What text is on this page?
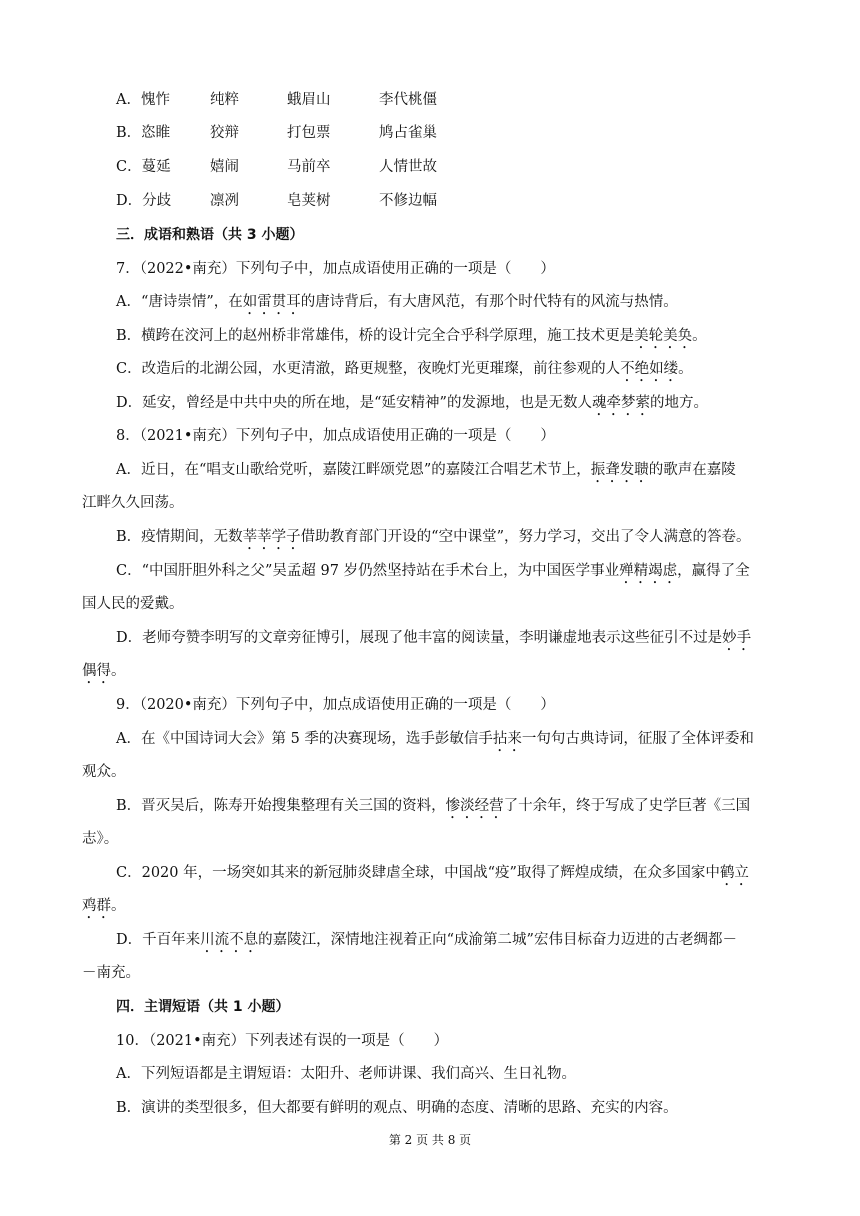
A．愧怍	纯粹	蛾眉山	李代桃僵
B．恣睢	狡辩	打包票	鸠占雀巢
C．蔓延	嬉闹	马前卒	人情世故
D．分歧	凛冽	皂荚树	不修边幅
三．成语和熟语（共 3 小题）
7．（2022•南充）下列句子中，加点成语使用正确的一项是（　　）
A．“唐诗崇情”，在如雷贯耳的唐诗背后，有大唐风范，有那个时代特有的风流与热情。
B．横跨在洨河上的赵州桥非常雄伟，桥的设计完全合乎科学原理，施工技术更是美轮美奂。
C．改造后的北湖公园，水更清澈，路更规整，夜晚灯光更璀璨，前往参观的人不绝如缕。
D．延安，曾经是中共中央的所在地，是“延安精神”的发源地，也是无数人魂牵梦萦的地方。
8．（2021•南充）下列句子中，加点成语使用正确的一项是（　　）
A．近日，在“唱支山歌给党听，嘉陵江畔颂党恩”的嘉陵江合唱艺术节上，振聋发聩的歌声在嘉陵
江畔久久回荡。
B．疫情期间，无数莘莘学子借助教育部门开设的“空中课堂”，努力学习，交出了令人满意的答卷。
C．“中国肝胆外科之父”吴孟超 97 岁仍然坚持站在手术台上，为中国医学事业殚精竭虑，赢得了全
国人民的爱戴。
D．老师夸赞李明写的文章旁征博引，展现了他丰富的阅读量，李明谦虚地表示这些征引不过是妙手
偶得。
9．（2020•南充）下列句子中，加点成语使用正确的一项是（　　）
A．在《中国诗词大会》第 5 季的决赛现场，选手彭敏信手拈来一句句古典诗词，征服了全体评委和
观众。
B．晋灭吴后，陈寿开始搜集整理有关三国的资料，惨淡经营了十余年，终于写成了史学巨著《三国
志》。
C．2020 年，一场突如其来的新冠肺炎肆虐全球，中国战“疫”取得了辉煌成绩，在众多国家中鹤立
鸡群。
D．千百年来川流不息的嘉陵江，深情地注视着正向“成渝第二城”宏伟目标奋力迈进的古老绸都－
－南充。
四．主谓短语（共 1 小题）
10．（2021•南充）下列表述有误的一项是（　　）
A．下列短语都是主谓短语：太阳升、老师讲课、我们高兴、生日礼物。
B．演讲的类型很多，但大都要有鲜明的观点、明确的态度、清晰的思路、充实的内容。
第 2 页 共 8 页
